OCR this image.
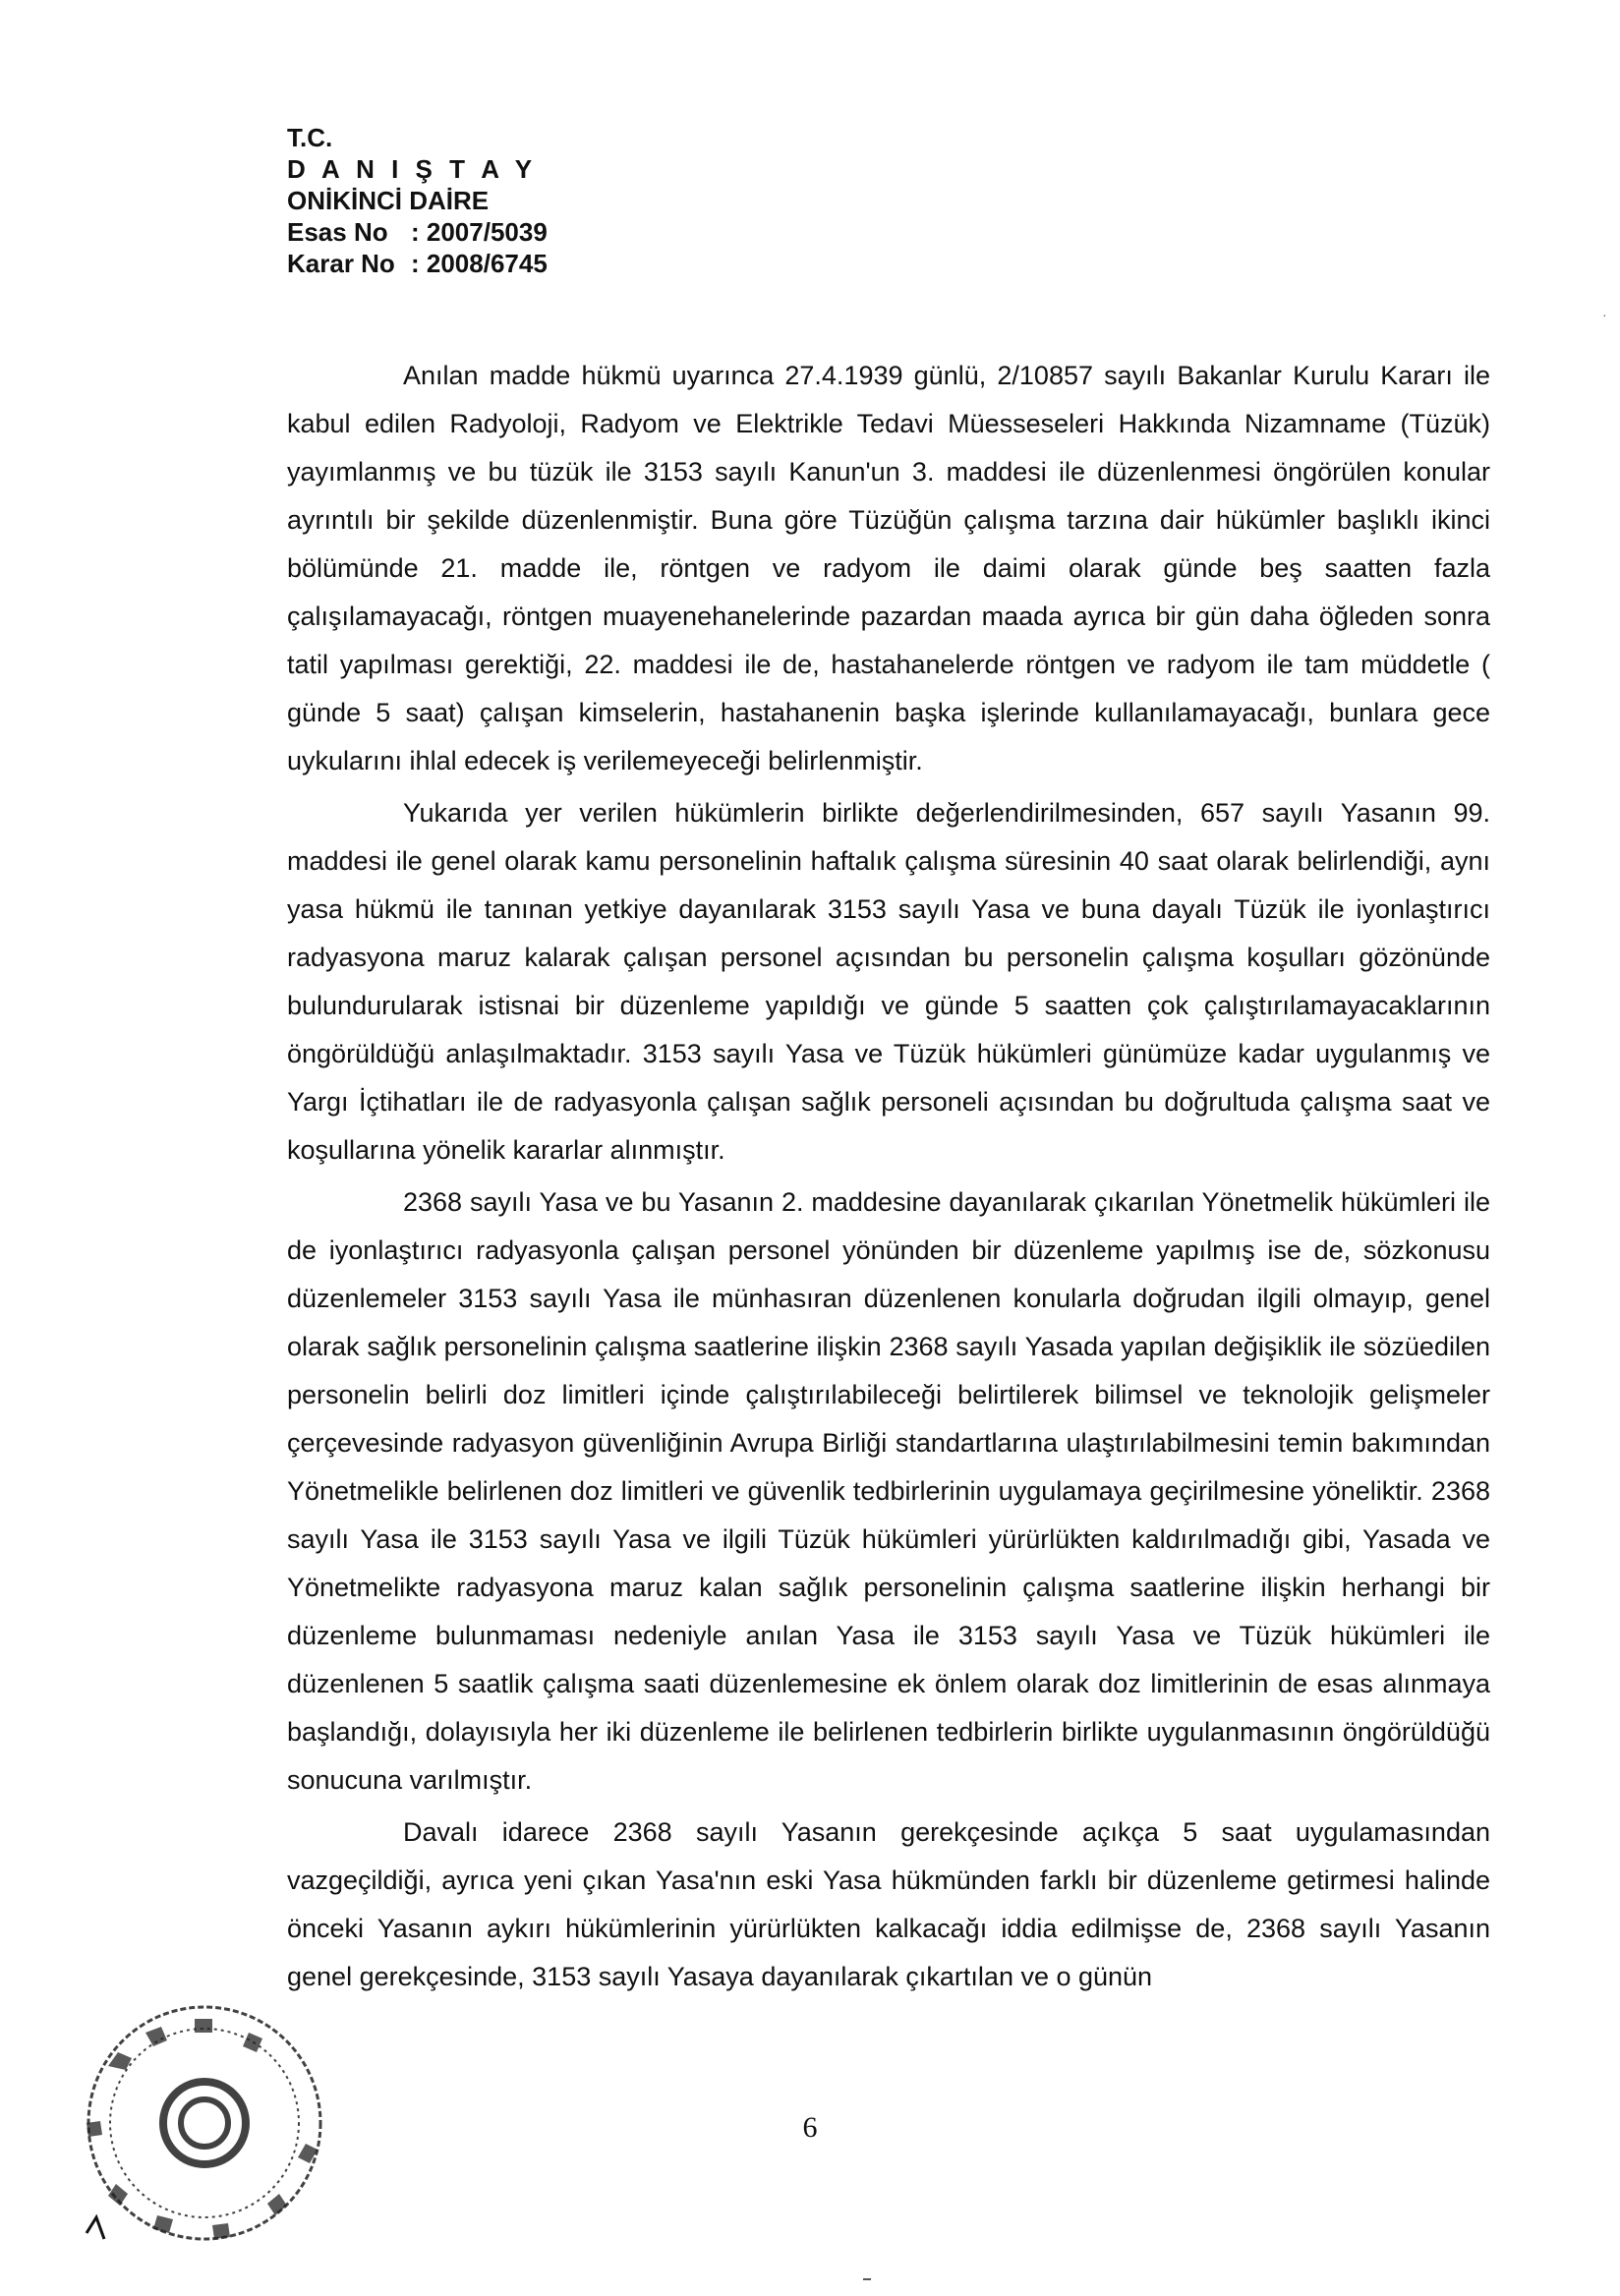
T.C.
D A N I Ş T A Y
ONİKİNCİ DAİRE
Esas No : 2007/5039
Karar No : 2008/6745
·

Anılan madde hükmü uyarınca 27.4.1939 günlü, 2/10857 sayılı Bakanlar Kurulu Kararı ile kabul edilen Radyoloji, Radyom ve Elektrikle Tedavi Müesseseleri Hakkında Nizamname (Tüzük) yayımlanmış ve bu tüzük ile 3153 sayılı Kanun'un 3. maddesi ile düzenlenmesi öngörülen konular ayrıntılı bir şekilde düzenlenmiştir. Buna göre Tüzüğün çalışma tarzına dair hükümler başlıklı ikinci bölümünde 21. madde ile, röntgen ve radyom ile daimi olarak günde beş saatten fazla çalışılamayacağı, röntgen muayenehanelerinde pazardan maada ayrıca bir gün daha öğleden sonra tatil yapılması gerektiği, 22. maddesi ile de, hastahanelerde röntgen ve radyom ile tam müddetle ( günde 5 saat) çalışan kimselerin, hastahanenin başka işlerinde kullanılamayacağı, bunlara gece uykularını ihlal edecek iş verilemeyeceği belirlenmiştir.

Yukarıda yer verilen hükümlerin birlikte değerlendirilmesinden, 657 sayılı Yasanın 99. maddesi ile genel olarak kamu personelinin haftalık çalışma süresinin 40 saat olarak belirlendiği, aynı yasa hükmü ile tanınan yetkiye dayanılarak 3153 sayılı Yasa ve buna dayalı Tüzük ile iyonlaştırıcı radyasyona maruz kalarak çalışan personel açısından bu personelin çalışma koşulları gözönünde bulundurularak istisnai bir düzenleme yapıldığı ve günde 5 saatten çok çalıştırılamayacaklarının öngörüldüğü anlaşılmaktadır. 3153 sayılı Yasa ve Tüzük hükümleri günümüze kadar uygulanmış ve Yargı İçtihatları ile de radyasyonla çalışan sağlık personeli açısından bu doğrultuda çalışma saat ve koşullarına yönelik kararlar alınmıştır.

2368 sayılı Yasa ve bu Yasanın 2. maddesine dayanılarak çıkarılan Yönetmelik hükümleri ile de iyonlaştırıcı radyasyonla çalışan personel yönünden bir düzenleme yapılmış ise de, sözkonusu düzenlemeler 3153 sayılı Yasa ile münhasıran düzenlenen konularla doğrudan ilgili olmayıp, genel olarak sağlık personelinin çalışma saatlerine ilişkin 2368 sayılı Yasada yapılan değişiklik ile sözüedilen personelin belirli doz limitleri içinde çalıştırılabileceği belirtilerek bilimsel ve teknolojik gelişmeler çerçevesinde radyasyon güvenliğinin Avrupa Birliği standartlarına ulaştırılabilmesini temin bakımından Yönetmelikle belirlenen doz limitleri ve güvenlik tedbirlerinin uygulamaya geçirilmesine yöneliktir. 2368 sayılı Yasa ile 3153 sayılı Yasa ve ilgili Tüzük hükümleri yürürlükten kaldırılmadığı gibi, Yasada ve Yönetmelikte radyasyona maruz kalan sağlık personelinin çalışma saatlerine ilişkin herhangi bir düzenleme bulunmaması nedeniyle anılan Yasa ile 3153 sayılı Yasa ve Tüzük hükümleri ile düzenlenen 5 saatlik çalışma saati düzenlemesine ek önlem olarak doz limitlerinin de esas alınmaya başlandığı, dolayısıyla her iki düzenleme ile belirlenen tedbirlerin birlikte uygulanmasının öngörüldüğü sonucuna varılmıştır.

Davalı idarece 2368 sayılı Yasanın gerekçesinde açıkça 5 saat uygulamasından vazgeçildiği, ayrıca yeni çıkan Yasa'nın eski Yasa hükmünden farklı bir düzenleme getirmesi halinde önceki Yasanın aykırı hükümlerinin yürürlükten kalkacağı iddia edilmişse de, 2368 sayılı Yasanın genel gerekçesinde, 3153 sayılı Yasaya dayanılarak çıkartılan ve o günün

6
